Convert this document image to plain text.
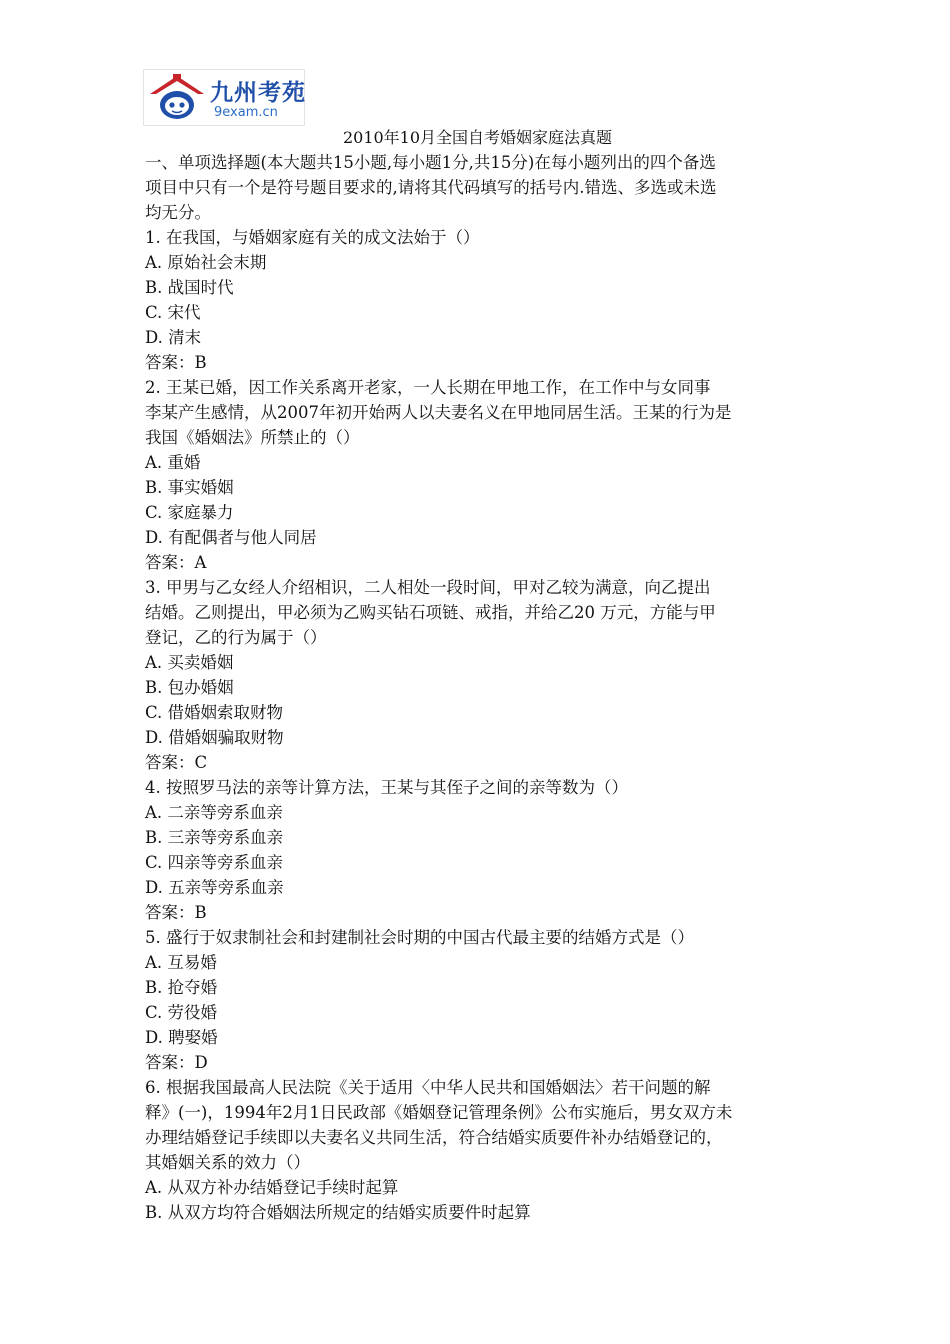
九州考苑
9exam.cn
2010年10月全国自考婚姻家庭法真题

一、单项选择题(本大题共15小题,每小题1分,共15分)在每小题列出的四个备选

项目中只有一个是符号题目要求的,请将其代码填写的括号内.错选、多选或未选

均无分。

1. 在我国，与婚姻家庭有关的成文法始于（）

A. 原始社会末期

B. 战国时代

C. 宋代

D. 清末

答案：B

2. 王某已婚，因工作关系离开老家，一人长期在甲地工作，在工作中与女同事

李某产生感情，从2007年初开始两人以夫妻名义在甲地同居生活。王某的行为是

我国《婚姻法》所禁止的（）

A. 重婚

B. 事实婚姻

C. 家庭暴力

D. 有配偶者与他人同居

答案：A

3. 甲男与乙女经人介绍相识，二人相处一段时间，甲对乙较为满意，向乙提出

结婚。乙则提出，甲必须为乙购买钻石项链、戒指，并给乙20 万元，方能与甲

登记，乙的行为属于（）

A. 买卖婚姻

B. 包办婚姻

C. 借婚姻索取财物

D. 借婚姻骗取财物

答案：C

4. 按照罗马法的亲等计算方法，王某与其侄子之间的亲等数为（）

A. 二亲等旁系血亲

B. 三亲等旁系血亲

C. 四亲等旁系血亲

D. 五亲等旁系血亲

答案：B

5. 盛行于奴隶制社会和封建制社会时期的中国古代最主要的结婚方式是（）

A. 互易婚

B. 抢夺婚

C. 劳役婚

D. 聘娶婚

答案：D

6. 根据我国最高人民法院《关于适用〈中华人民共和国婚姻法〉若干问题的解

释》(一)，1994年2月1日民政部《婚姻登记管理条例》公布实施后，男女双方未

办理结婚登记手续即以夫妻名义共同生活，符合结婚实质要件补办结婚登记的，

其婚姻关系的效力（）

A. 从双方补办结婚登记手续时起算

B. 从双方均符合婚姻法所规定的结婚实质要件时起算
